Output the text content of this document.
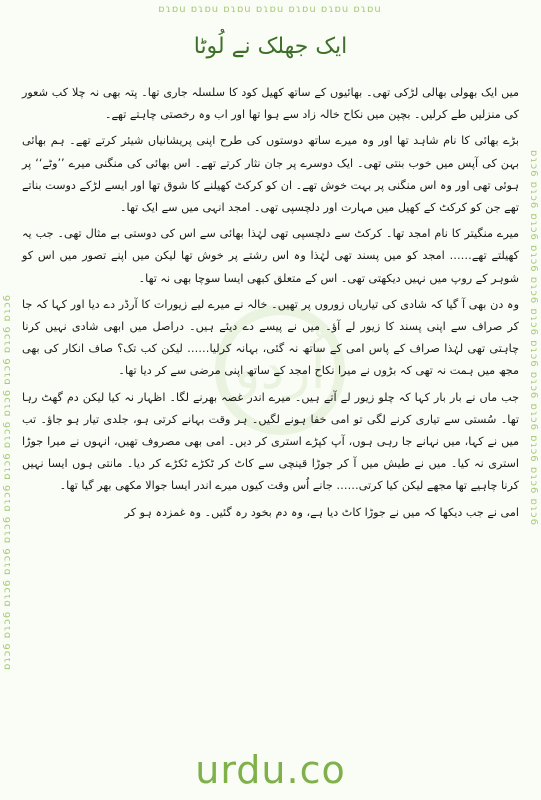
ɒɿɒu ɒɿɒu ɒɿɒu ɒɿɒu ɒɿɒu ɒɿɒu ɒɿɒu
ɒɿɔ6 ɒɿɔ6 ɒɿɔ6 ɒɿɔ6 ɒɿɔ6 ɒɿɔ6 ɒɿɔ6 ɒɿɔ6 ɒɿɔ6 ɒɿɔ6 ɒɿɔ6 ɒɿɔ6	ɒɿɔ6 ɒɿɔ6 ɒɿɔ6 ɒɿɔ6 ɒɿɔ6 ɒɿɔ6 ɒɿɔ6 ɒɿɔ6 ɒɿɔ6 ɒɿɔ6 ɒɿɔ6 ɒɿɔ6
ایک جھلک نے لُوٹا
اُردو

میں ایک بھولی بھالی لڑکی تھی۔ بھائیوں کے ساتھ کھیل کود کا سلسلہ جاری تھا۔ پتہ بھی نہ چلا کب شعور کی منزلیں طے کرلیں۔ بچپن میں نکاح خالہ زاد سے ہوا تھا اور اب وہ رخصتی چاہتے تھے۔

بڑے بھائی کا نام شاہد تھا اور وہ میرے ساتھ دوستوں کی طرح اپنی پریشانیاں شیئر کرتے تھے۔ ہم بھائی بہن کی آپس میں خوب بنتی تھی۔ ایک دوسرے پر جان نثار کرتے تھے۔ اس بھائی کی منگنی میرے ’’وٹے‘‘ پر ہوئی تھی اور وہ اس منگنی پر بہت خوش تھے۔ ان کو کرکٹ کھیلنے کا شوق تھا اور ایسے لڑکے دوست بناتے تھے جن کو کرکٹ کے کھیل میں مہارت اور دلچسپی تھی۔ امجد انہی میں سے ایک تھا۔

میرے منگیتر کا نام امجد تھا۔ کرکٹ سے دلچسپی تھی لہٰذا بھائی سے اس کی دوستی بے مثال تھی۔ جب یہ کھیلتے تھے…… امجد کو میں پسند تھی لہٰذا وہ اس رشتے پر خوش تھا لیکن میں اپنے تصور میں اس کو شوہر کے روپ میں نہیں دیکھتی تھی۔ اس کے متعلق کبھی ایسا سوچا بھی نہ تھا۔

وہ دن بھی آ گیا کہ شادی کی تیاریاں زوروں پر تھیں۔ خالہ نے میرے لیے زیورات کا آرڈر دے دیا اور کہا کہ جا کر صراف سے اپنی پسند کا زیور لے آؤ۔ میں نے پیسے دے دیئے ہیں۔ دراصل میں ابھی شادی نہیں کرنا چاہتی تھی لہٰذا صراف کے پاس امی کے ساتھ نہ گئی، بہانہ کرلیا…… لیکن کب تک؟ صاف انکار کی بھی مجھ میں ہمت نہ تھی کہ بڑوں نے میرا نکاح امجد کے ساتھ اپنی مرضی سے کر دیا تھا۔

جب ماں نے بار بار کہا کہ چلو زیور لے آتے ہیں۔ میرے اندر غصہ بھرنے لگا۔ اظہار نہ کیا لیکن دم گھٹ رہا تھا۔ سُستی سے تیاری کرنے لگی تو امی خفا ہونے لگیں۔ ہر وقت بہانے کرتی ہو، جلدی تیار ہو جاؤ۔ تب میں نے کہا، میں نہانے جا رہی ہوں، آپ کپڑے استری کر دیں۔ امی بھی مصروف تھیں، انہوں نے میرا جوڑا استری نہ کیا۔ میں نے طیش میں آ کر جوڑا قینچی سے کاٹ کر ٹکڑے ٹکڑے کر دیا۔ مانتی ہوں ایسا نہیں کرنا چاہیے تھا مجھے لیکن کیا کرتی…… جانے اُس وقت کیوں میرے اندر ایسا جوالا مکھی بھر گیا تھا۔

امی نے جب دیکھا کہ میں نے جوڑا کاٹ دیا ہے، وہ دم بخود رہ گئیں۔ وہ غمزدہ ہو کر

urdu.co
